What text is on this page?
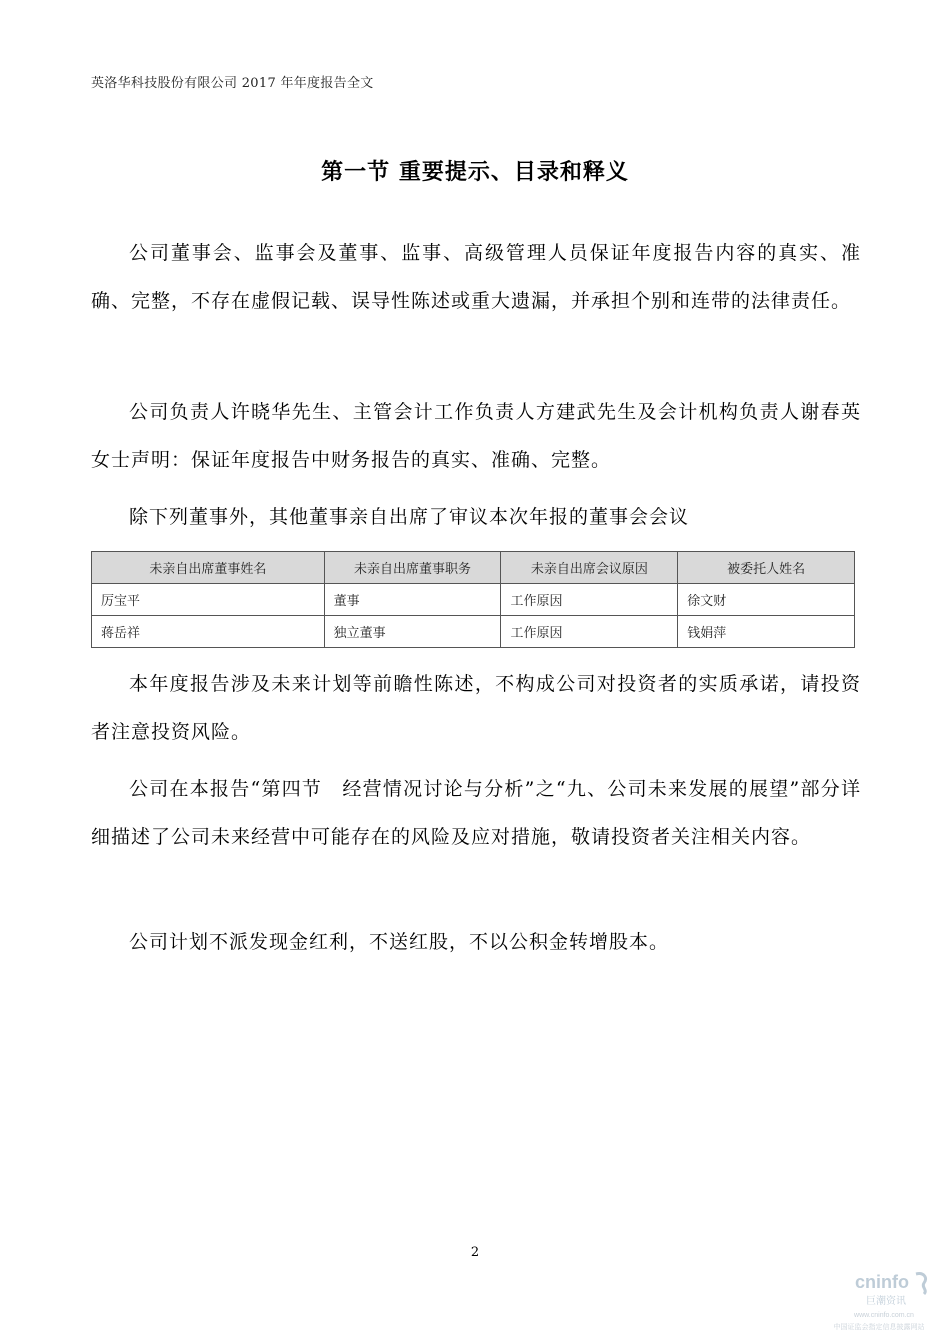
英洛华科技股份有限公司 2017 年年度报告全文
第一节 重要提示、目录和释义
公司董事会、监事会及董事、监事、高级管理人员保证年度报告内容的真实、准确、完整，不存在虚假记载、误导性陈述或重大遗漏，并承担个别和连带的法律责任。
公司负责人许晓华先生、主管会计工作负责人方建武先生及会计机构负责人谢春英女士声明：保证年度报告中财务报告的真实、准确、完整。
除下列董事外，其他董事亲自出席了审议本次年报的董事会会议
未亲自出席董事姓名	未亲自出席董事职务	未亲自出席会议原因	被委托人姓名
厉宝平	董事	工作原因	徐文财
蒋岳祥	独立董事	工作原因	钱娟萍
本年度报告涉及未来计划等前瞻性陈述，不构成公司对投资者的实质承诺，请投资者注意投资风险。
公司在本报告“第四节　经营情况讨论与分析”之“九、公司未来发展的展望”部分详细描述了公司未来经营中可能存在的风险及应对措施，敬请投资者关注相关内容。
公司计划不派发现金红利，不送红股，不以公积金转增股本。
2
cninfo
巨潮资讯
www.cninfo.com.cn
中国证监会指定信息披露网站
